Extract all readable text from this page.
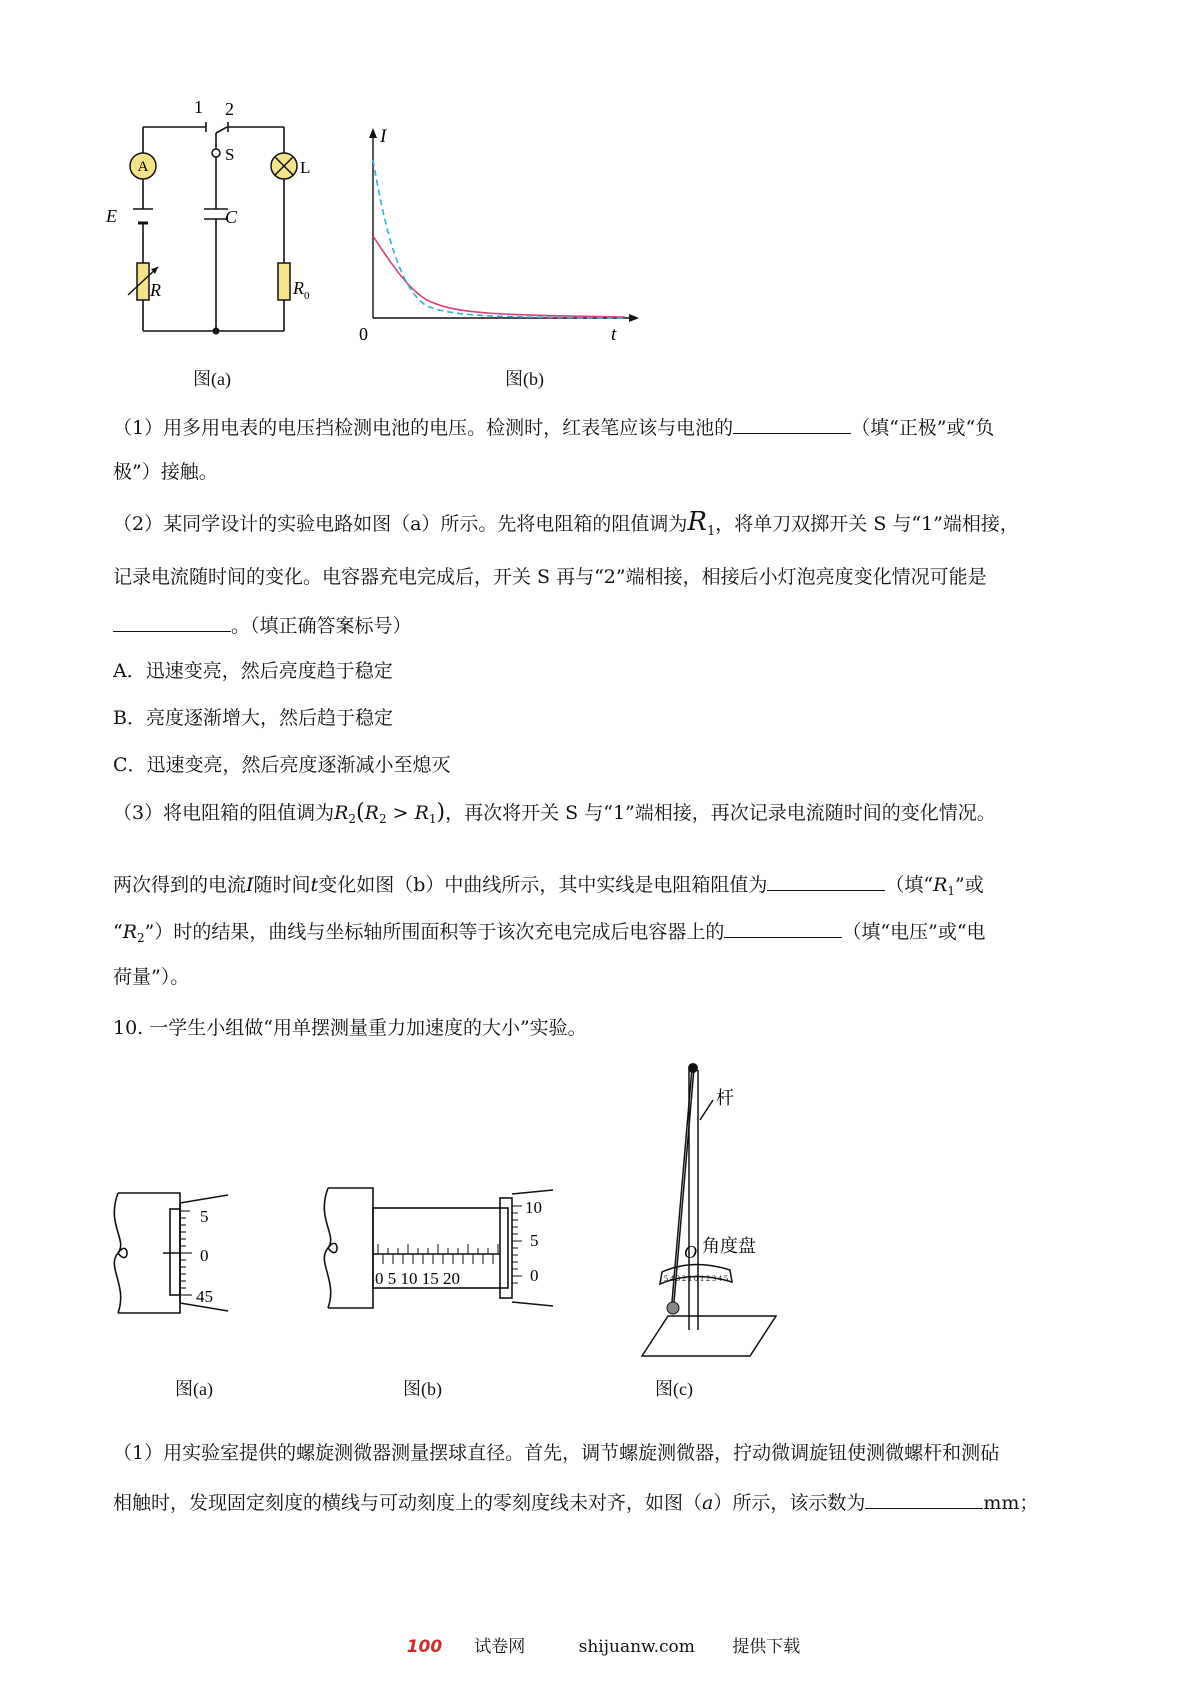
A
1 2
S
L
E	C
R	$R_0$
图(a)
I
t
0
图(b)
（1）用多用电表的电压挡检测电池的电压。检测时，红表笔应该与电池的	（填“正极”或“负
极”）接触。
（2）某同学设计的实验电路如图（a）所示。先将电阻箱的阻值调为$R_1$，将单刀双掷开关 S 与“1”端相接，
记录电流随时间的变化。电容器充电完成后，开关 S 再与“2”端相接，相接后小灯泡亮度变化情况可能是
。（填正确答案标号）
A．迅速变亮，然后亮度趋于稳定
B．亮度逐渐增大，然后趋于稳定
C．迅速变亮，然后亮度逐渐减小至熄灭
（3）将电阻箱的阻值调为$R_2(R_2 > R_1)$，再次将开关 S 与“1”端相接，再次记录电流随时间的变化情况。
两次得到的电流I随时间t变化如图（b）中曲线所示，其中实线是电阻箱阻值为	（填“$R_1$”或
“$R_2$”）时的结果，曲线与坐标轴所围面积等于该次充电完成后电容器上的	（填“电压”或“电
荷量”）。
10. 一学生小组做“用单摆测量重力加速度的大小”实验。
5
0
45
0 5 10 15 20
10
5
0	5 4 3 2 1 0 1 2 3 4 5
杆
O 角度盘
图(a)	图(b)	图(c)
（1）用实验室提供的螺旋测微器测量摆球直径。首先，调节螺旋测微器，拧动微调旋钮使测微螺杆和测砧
相触时，发现固定刻度的横线与可动刻度上的零刻度线未对齐，如图（a）所示，该示数为	mm；
100 试卷网	shijuanw.com 提供下载
